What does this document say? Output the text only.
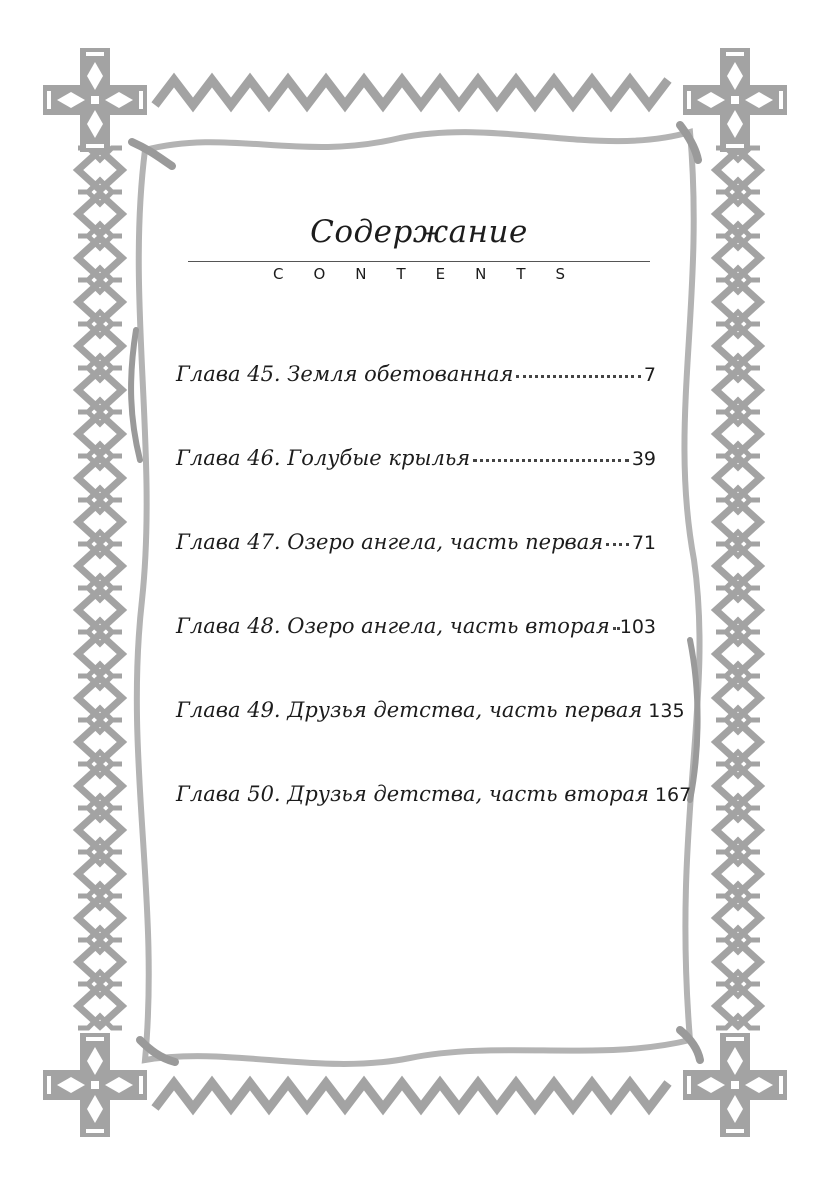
Содержание
CONTENTS
Глава 45. Земля обетованная	7
Глава 46. Голубые крылья	39
Глава 47. Озеро ангела, часть первая 71
Глава 48. Озеро ангела, часть вторая 103
Глава 49. Друзья детства, часть первая 135
Глава 50. Друзья детства, часть вторая 167
